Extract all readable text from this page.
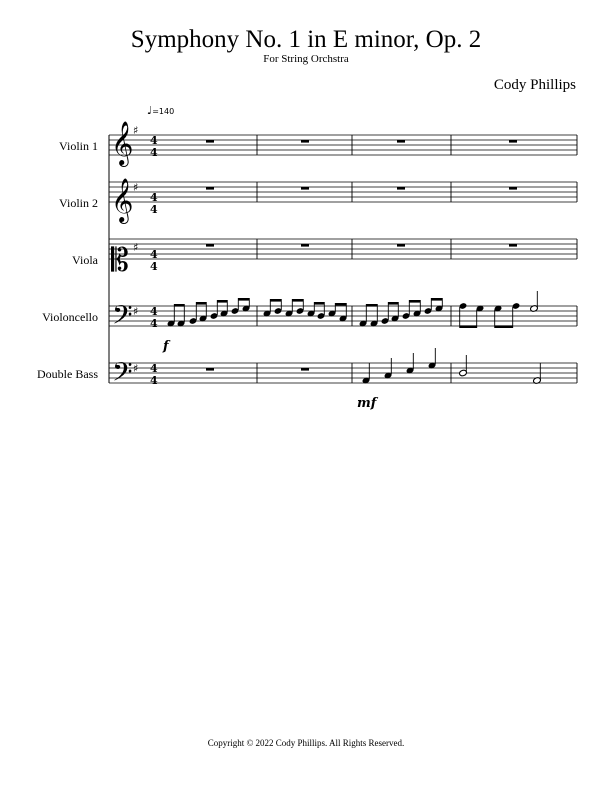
Symphony No. 1 in E minor, Op. 2
For String Orchstra
Cody Phillips
♩=140
Violin 1
Violin 2
Viola
Violoncello
Double Bass
𝄞
𝄞
𝄡
𝄢
𝄢
♯
♯
♯
♯
♯
4
4
4
4
4
4
4
4
4
4
f
mf
Copyright © 2022 Cody Phillips. All Rights Reserved.
